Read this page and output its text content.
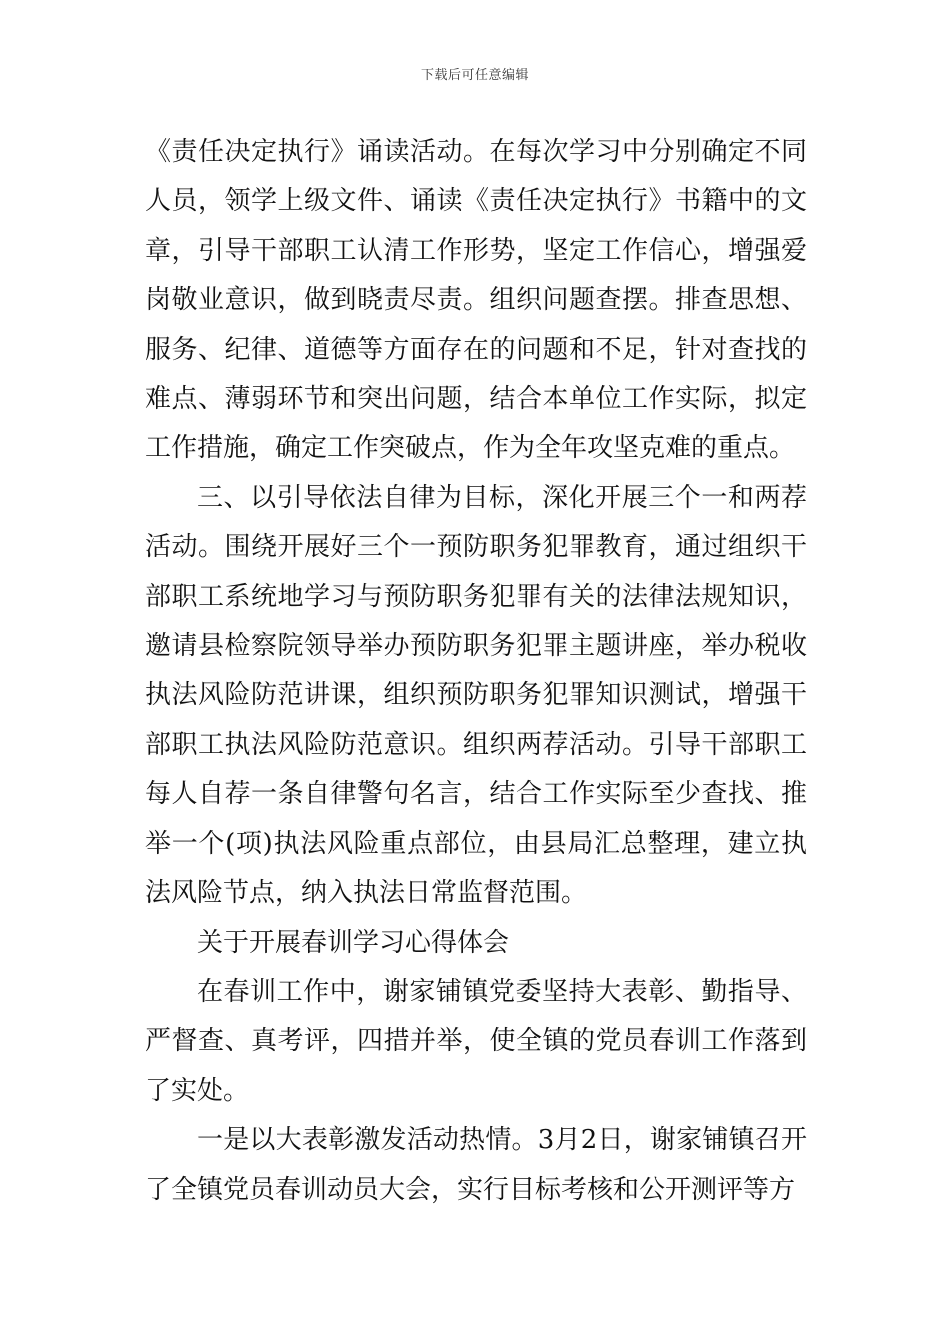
下载后可任意编辑

《责任决定执行》诵读活动。在每次学习中分别确定不同人员，领学上级文件、诵读《责任决定执行》书籍中的文章，引导干部职工认清工作形势，坚定工作信心，增强爱岗敬业意识，做到晓责尽责。组织问题查摆。排查思想、服务、纪律、道德等方面存在的问题和不足，针对查找的难点、薄弱环节和突出问题，结合本单位工作实际，拟定工作措施，确定工作突破点，作为全年攻坚克难的重点。

三、以引导依法自律为目标，深化开展三个一和两荐活动。围绕开展好三个一预防职务犯罪教育，通过组织干部职工系统地学习与预防职务犯罪有关的法律法规知识，邀请县检察院领导举办预防职务犯罪主题讲座，举办税收执法风险防范讲课，组织预防职务犯罪知识测试，增强干部职工执法风险防范意识。组织两荐活动。引导干部职工每人自荐一条自律警句名言，结合工作实际至少查找、推举一个(项)执法风险重点部位，由县局汇总整理，建立执法风险节点，纳入执法日常监督范围。

关于开展春训学习心得体会

在春训工作中，谢家铺镇党委坚持大表彰、勤指导、严督查、真考评，四措并举，使全镇的党员春训工作落到了实处。

一是以大表彰激发活动热情。3月2日，谢家铺镇召开了全镇党员春训动员大会，实行目标考核和公开测评等方
